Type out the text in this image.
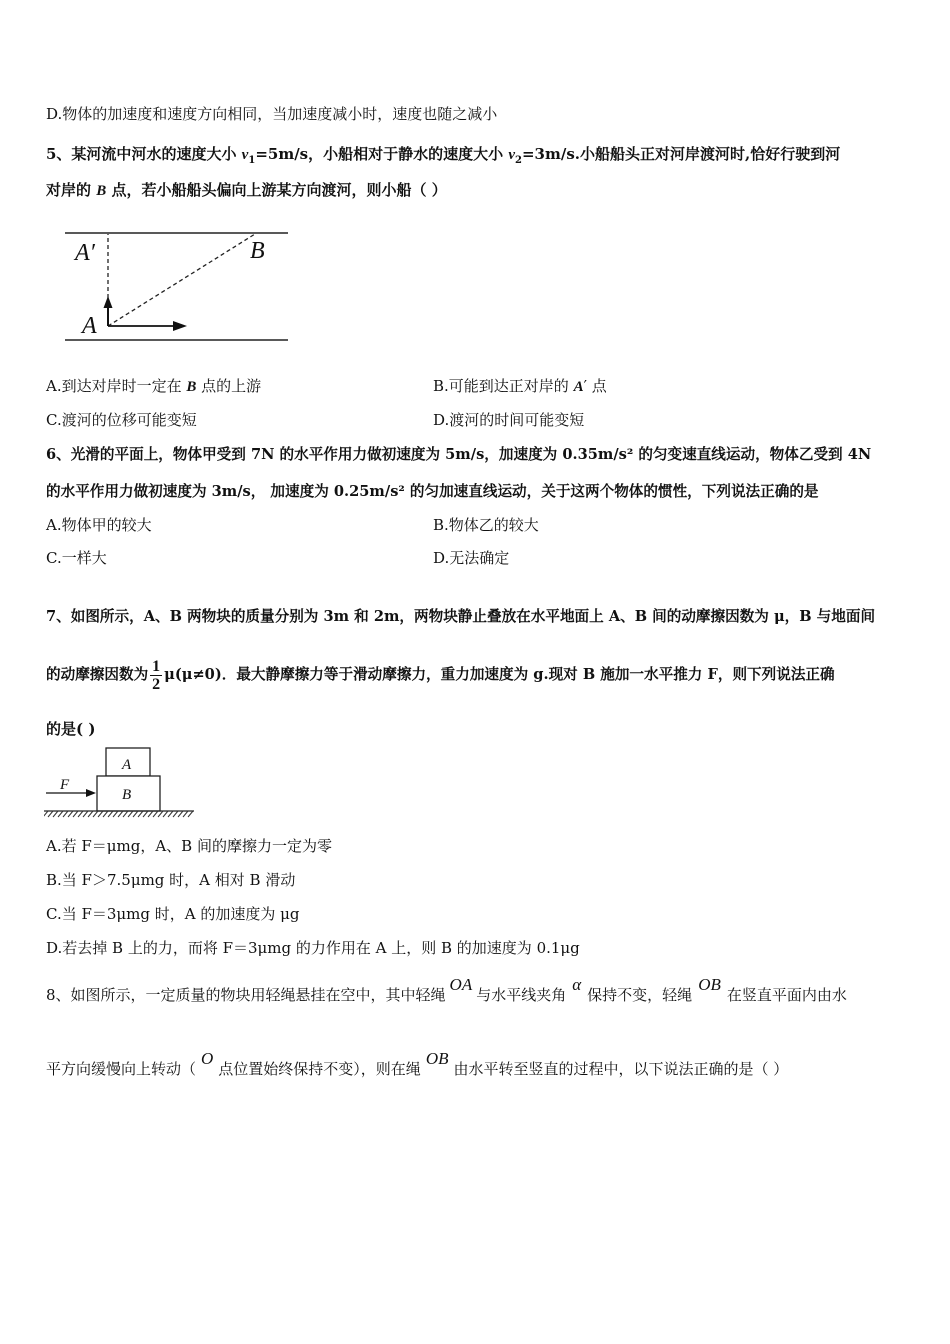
D.物体的加速度和速度方向相同，当加速度减小时，速度也随之减小
5、某河流中河水的速度大小 $v_1=5m/s$，小船相对于静水的速度大小 $v_2=3m/s$.小船船头正对河岸渡河时,恰好行驶到河
对岸的 B 点，若小船船头偏向上游某方向渡河，则小船（ ）
A′	B
A
A.到达对岸时一定在 B 点的上游	B.可能到达正对岸的 A′ 点
C.渡河的位移可能变短	D.渡河的时间可能变短
6、光滑的平面上，物体甲受到 7N 的水平作用力做初速度为 5m/s，加速度为 0.35m/s² 的匀变速直线运动，物体乙受到 4N
的水平作用力做初速度为 3m/s， 加速度为 0.25m/s² 的匀加速直线运动，关于这两个物体的惯性，下列说法正确的是
A.物体甲的较大	B.物体乙的较大
C.一样大	D.无法确定
7、如图所示，A、B 两物块的质量分别为 3m 和 2m，两物块静止叠放在水平地面上 A、B 间的动摩擦因数为 μ，B 与地面间
的动摩擦因数为 $\frac{1}{2} \mu(\mu\ne 0)$．最大静摩擦力等于滑动摩擦力，重力加速度为 g.现对 B 施加一水平推力 F，则下列说法正确
的是( )
F
A
B
A.若 F＝μmg，A、B 间的摩擦力一定为零
B.当 F＞7.5μmg 时，A 相对 B 滑动
C.当 F＝3μmg 时，A 的加速度为 μg
D.若去掉 B 上的力，而将 F＝3μmg 的力作用在 A 上，则 B 的加速度为 0.1μg
8、如图所示，一定质量的物块用轻绳悬挂在空中，其中轻绳OA与水平线夹角α保持不变，轻绳OB在竖直平面内由水
平方向缓慢向上转动（O点位置始终保持不变），则在绳OB由水平转至竖直的过程中，以下说法正确的是（ ）
